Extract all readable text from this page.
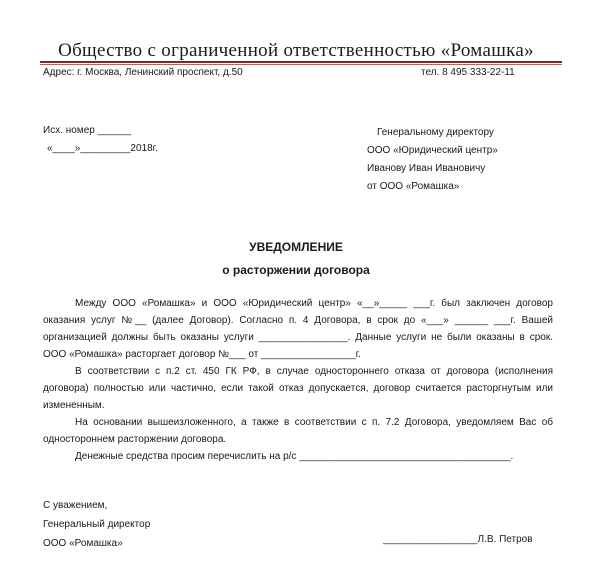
Общество с ограниченной ответственностью «Ромашка»
Адрес: г. Москва, Ленинский проспект, д.50	тел. 8 495 333-22-11
Исх. номер ______
«____»_________2018г.
Генеральному директору
ООО «Юридический центр»
Иванову Иван Ивановичу
от ООО «Ромашка»
УВЕДОМЛЕНИЕ
о расторжении договора

Между ООО «Ромашка» и ООО «Юридический центр» «__»_____ ___г. был заключен договор оказания услуг №__ (далее Договор). Согласно п. 4 Договора, в срок до «___» ______ ___г. Вашей организацией должны быть оказаны услуги ________________. Данные услуги не были оказаны в срок. ООО «Ромашка» расторгает договор №___ от _________________г.

В соответствии с п.2 ст. 450 ГК РФ, в случае одностороннего отказа от договора (исполнения договора) полностью или частично, если такой отказ допускается, договор считается расторгнутым или измененным.

На основании вышеизложенного, а также в соответствии с п. 7.2 Договора, уведомляем Вас об одностороннем расторжении договора.

Денежные средства просим перечислить на р/с ______________________________________.

С уважением,
Генеральный директор
ООО «Ромашка»	_________________Л.В. Петров
